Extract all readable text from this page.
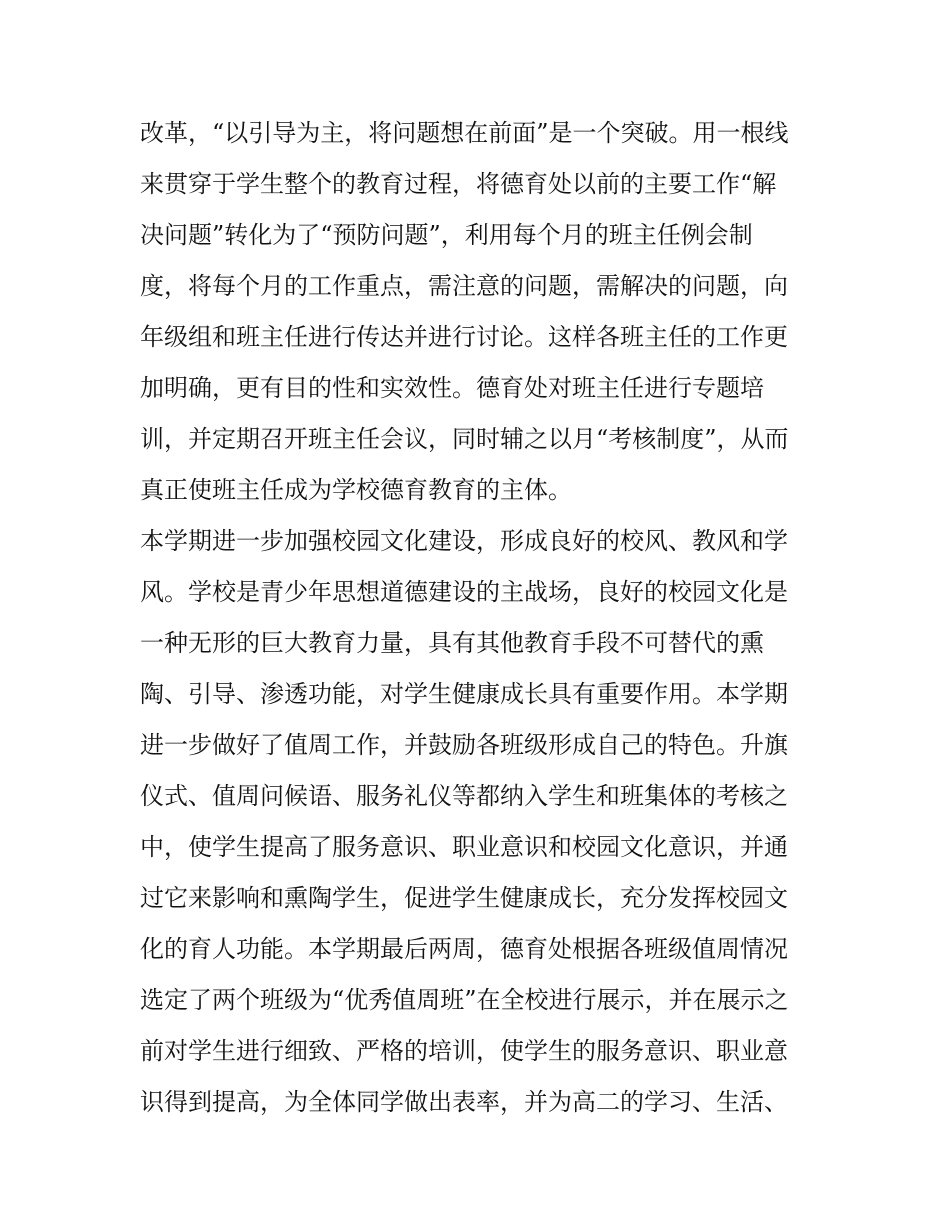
改革，“以引导为主，将问题想在前面”是一个突破。用一根线
来贯穿于学生整个的教育过程，将德育处以前的主要工作“解
决问题”转化为了“预防问题”，利用每个月的班主任例会制
度，将每个月的工作重点，需注意的问题，需解决的问题，向
年级组和班主任进行传达并进行讨论。这样各班主任的工作更
加明确，更有目的性和实效性。德育处对班主任进行专题培
训，并定期召开班主任会议，同时辅之以月“考核制度”，从而
真正使班主任成为学校德育教育的主体。
本学期进一步加强校园文化建设，形成良好的校风、教风和学
风。学校是青少年思想道德建设的主战场，良好的校园文化是
一种无形的巨大教育力量，具有其他教育手段不可替代的熏
陶、引导、渗透功能，对学生健康成长具有重要作用。本学期
进一步做好了值周工作，并鼓励各班级形成自己的特色。升旗
仪式、值周问候语、服务礼仪等都纳入学生和班集体的考核之
中，使学生提高了服务意识、职业意识和校园文化意识，并通
过它来影响和熏陶学生，促进学生健康成长，充分发挥校园文
化的育人功能。本学期最后两周，德育处根据各班级值周情况
选定了两个班级为“优秀值周班”在全校进行展示，并在展示之
前对学生进行细致、严格的培训，使学生的服务意识、职业意
识得到提高，为全体同学做出表率，并为高二的学习、生活、
